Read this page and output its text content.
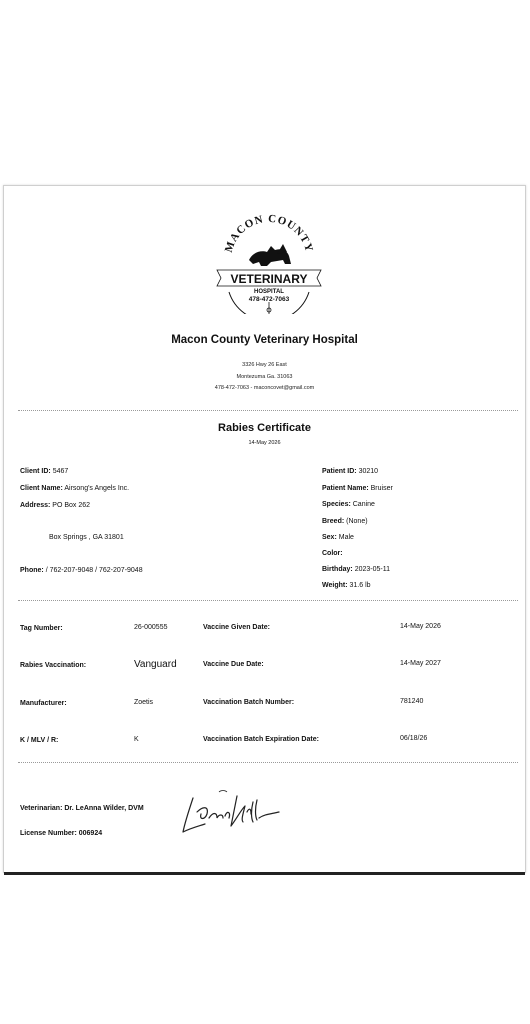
MACON COUNTY
VETERINARY
HOSPITAL
478-472-7063
Macon County Veterinary Hospital
3326 Hwy 26 East
Montezuma Ga. 31063
478-472-7063 - maconcovet@gmail.com
Rabies Certificate
14-May 2026
Client ID: 5467
Client Name: Airsong's Angels Inc.
Address: PO Box 262
Box Springs , GA 31801
Phone: / 762-207-9048 / 762-207-9048
Patient ID: 30210
Patient Name: Bruiser
Species: Canine
Breed: (None)
Sex: Male
Color:
Birthday: 2023-05-11
Weight: 31.6 lb
Tag Number:	26-000555	Vaccine Given Date:	14-May 2026
Rabies Vaccination:	Vanguard	Vaccine Due Date:	14-May 2027
Manufacturer:	Zoetis	Vaccination Batch Number:	781240
K / MLV / R:	K	Vaccination Batch Expiration Date:	06/18/26
Veterinarian: Dr. LeAnna Wilder, DVM
License Number: 006924
